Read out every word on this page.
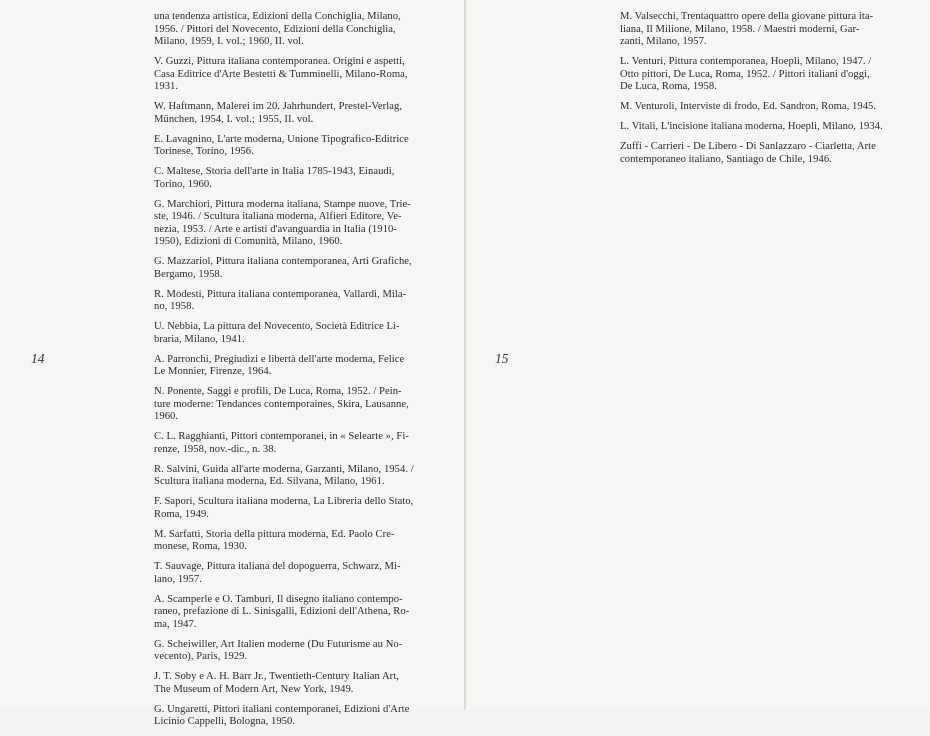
14

una tendenza artistica, Edizioni della Conchiglia, Milano,
1956. / Pittori del Novecento, Edizioni della Conchiglia,
Milano, 1959, I. vol.; 1960, II. vol.

V. Guzzi, Pittura italiana contemporanea. Origini e aspetti,
Casa Editrice d'Arte Bestetti & Tumminelli, Milano-Roma,
1931.

W. Haftmann, Malerei im 20. Jahrhundert, Prestel-Verlag,
München, 1954, I. vol.; 1955, II. vol.

E. Lavagnino, L'arte moderna, Unione Tipografico-Editrice
Torinese, Torino, 1956.

C. Maltese, Storia dell'arte in Italia 1785-1943, Einaudi,
Torino, 1960.

G. Marchiori, Pittura moderna italiana, Stampe nuove, Trie-
ste, 1946. / Scultura italiana moderna, Alfieri Editore, Ve-
nezia, 1953. / Arte e artisti d'avanguardia in Italia (1910-
1950), Edizioni di Comunità, Milano, 1960.

G. Mazzariol, Pittura italiana contemporanea, Arti Grafiche,
Bergamo, 1958.

R. Modesti, Pittura italiana contemporanea, Vallardi, Mila-
no, 1958.

U. Nebbia, La pittura del Novecento, Società Editrice Li-
braria, Milano, 1941.

A. Parronchi, Pregiudizi e libertà dell'arte moderna, Felice
Le Monnier, Firenze, 1964.

N. Ponente, Saggi e profili, De Luca, Roma, 1952. / Pein-
ture moderne: Tendances contemporaines, Skira, Lausanne,
1960.

C. L. Ragghianti, Pittori contemporanei, in « Selearte », Fi-
renze, 1958, nov.-dic., n. 38.

R. Salvini, Guida all'arte moderna, Garzanti, Milano, 1954. /
Scultura italiana moderna, Ed. Silvana, Milano, 1961.

F. Sapori, Scultura italiana moderna, La Libreria dello Stato,
Roma, 1949.

M. Sarfatti, Storia della pittura moderna, Ed. Paolo Cre-
monese, Roma, 1930.

T. Sauvage, Pittura italiana del dopoguerra, Schwarz, Mi-
lano, 1957.

A. Scamperle e O. Tamburi, Il disegno italiano contempo-
raneo, prefazione di L. Sinisgalli, Edizioni dell'Athena, Ro-
ma, 1947.

G. Scheiwiller, Art Italien moderne (Du Futurisme au No-
vecento), Paris, 1929.

J. T. Soby e A. H. Barr Jr., Twentieth-Century Italian Art,
The Museum of Modern Art, New York, 1949.

G. Ungaretti, Pittori italiani contemporanei, Edizioni d'Arte
Licinio Cappelli, Bologna, 1950.

15

M. Valsecchi, Trentaquattro opere della giovane pittura ita-
liana, Il Milione, Milano, 1958. / Maestri moderni, Gar-
zanti, Milano, 1957.

L. Venturi, Pittura contemporanea, Hoepli, Milano, 1947. /
Otto pittori, De Luca, Roma, 1952. / Pittori italiani d'oggi,
De Luca, Roma, 1958.

M. Venturoli, Interviste di frodo, Ed. Sandron, Roma, 1945.

L. Vitali, L'incisione italiana moderna, Hoepli, Milano, 1934.

Zuffi - Carrieri - De Libero - Di Sanlazzaro - Ciarletta, Arte
contemporaneo italiano, Santiago de Chile, 1946.
